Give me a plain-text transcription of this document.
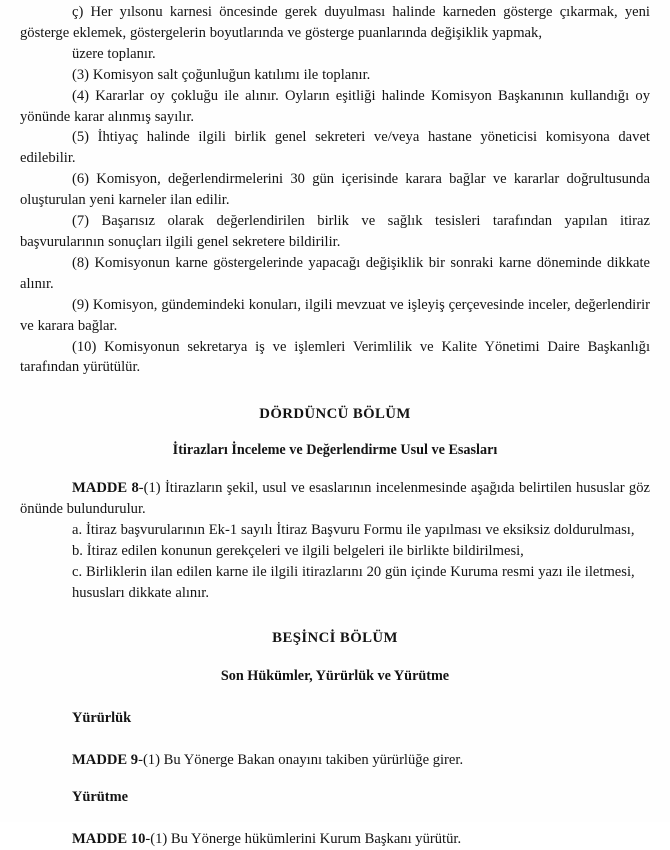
ç) Her yılsonu karnesi öncesinde gerek duyulması halinde karneden gösterge çıkarmak, yeni gösterge eklemek, göstergelerin boyutlarında ve gösterge puanlarında değişiklik yapmak,

üzere toplanır.

(3) Komisyon salt çoğunluğun katılımı ile toplanır.

(4) Kararlar oy çokluğu ile alınır. Oyların eşitliği halinde Komisyon Başkanının kullandığı oy yönünde karar alınmış sayılır.

(5) İhtiyaç halinde ilgili birlik genel sekreteri ve/veya hastane yöneticisi komisyona davet edilebilir.

(6) Komisyon, değerlendirmelerini 30 gün içerisinde karara bağlar ve kararlar doğrultusunda oluşturulan yeni karneler ilan edilir.

(7) Başarısız olarak değerlendirilen birlik ve sağlık tesisleri tarafından yapılan itiraz başvurularının sonuçları ilgili genel sekretere bildirilir.

(8) Komisyonun karne göstergelerinde yapacağı değişiklik bir sonraki karne döneminde dikkate alınır.

(9) Komisyon, gündemindeki konuları, ilgili mevzuat ve işleyiş çerçevesinde inceler, değerlendirir ve karara bağlar.

(10) Komisyonun sekretarya iş ve işlemleri Verimlilik ve Kalite Yönetimi Daire Başkanlığı tarafından yürütülür.

DÖRDÜNCÜ BÖLÜM
İtirazları İnceleme ve Değerlendirme Usul ve Esasları

MADDE 8-(1) İtirazların şekil, usul ve esaslarının incelenmesinde aşağıda belirtilen hususlar göz önünde bulundurulur.

a. İtiraz başvurularının Ek-1 sayılı İtiraz Başvuru Formu ile yapılması ve eksiksiz doldurulması,

b. İtiraz edilen konunun gerekçeleri ve ilgili belgeleri ile birlikte bildirilmesi,

c. Birliklerin ilan edilen karne ile ilgili itirazlarını 20 gün içinde Kuruma resmi yazı ile iletmesi,

hususları dikkate alınır.

BEŞİNCİ BÖLÜM
Son Hükümler, Yürürlük ve Yürütme
Yürürlük

MADDE 9-(1) Bu Yönerge Bakan onayını takiben yürürlüğe girer.

Yürütme

MADDE 10-(1) Bu Yönerge hükümlerini Kurum Başkanı yürütür.
